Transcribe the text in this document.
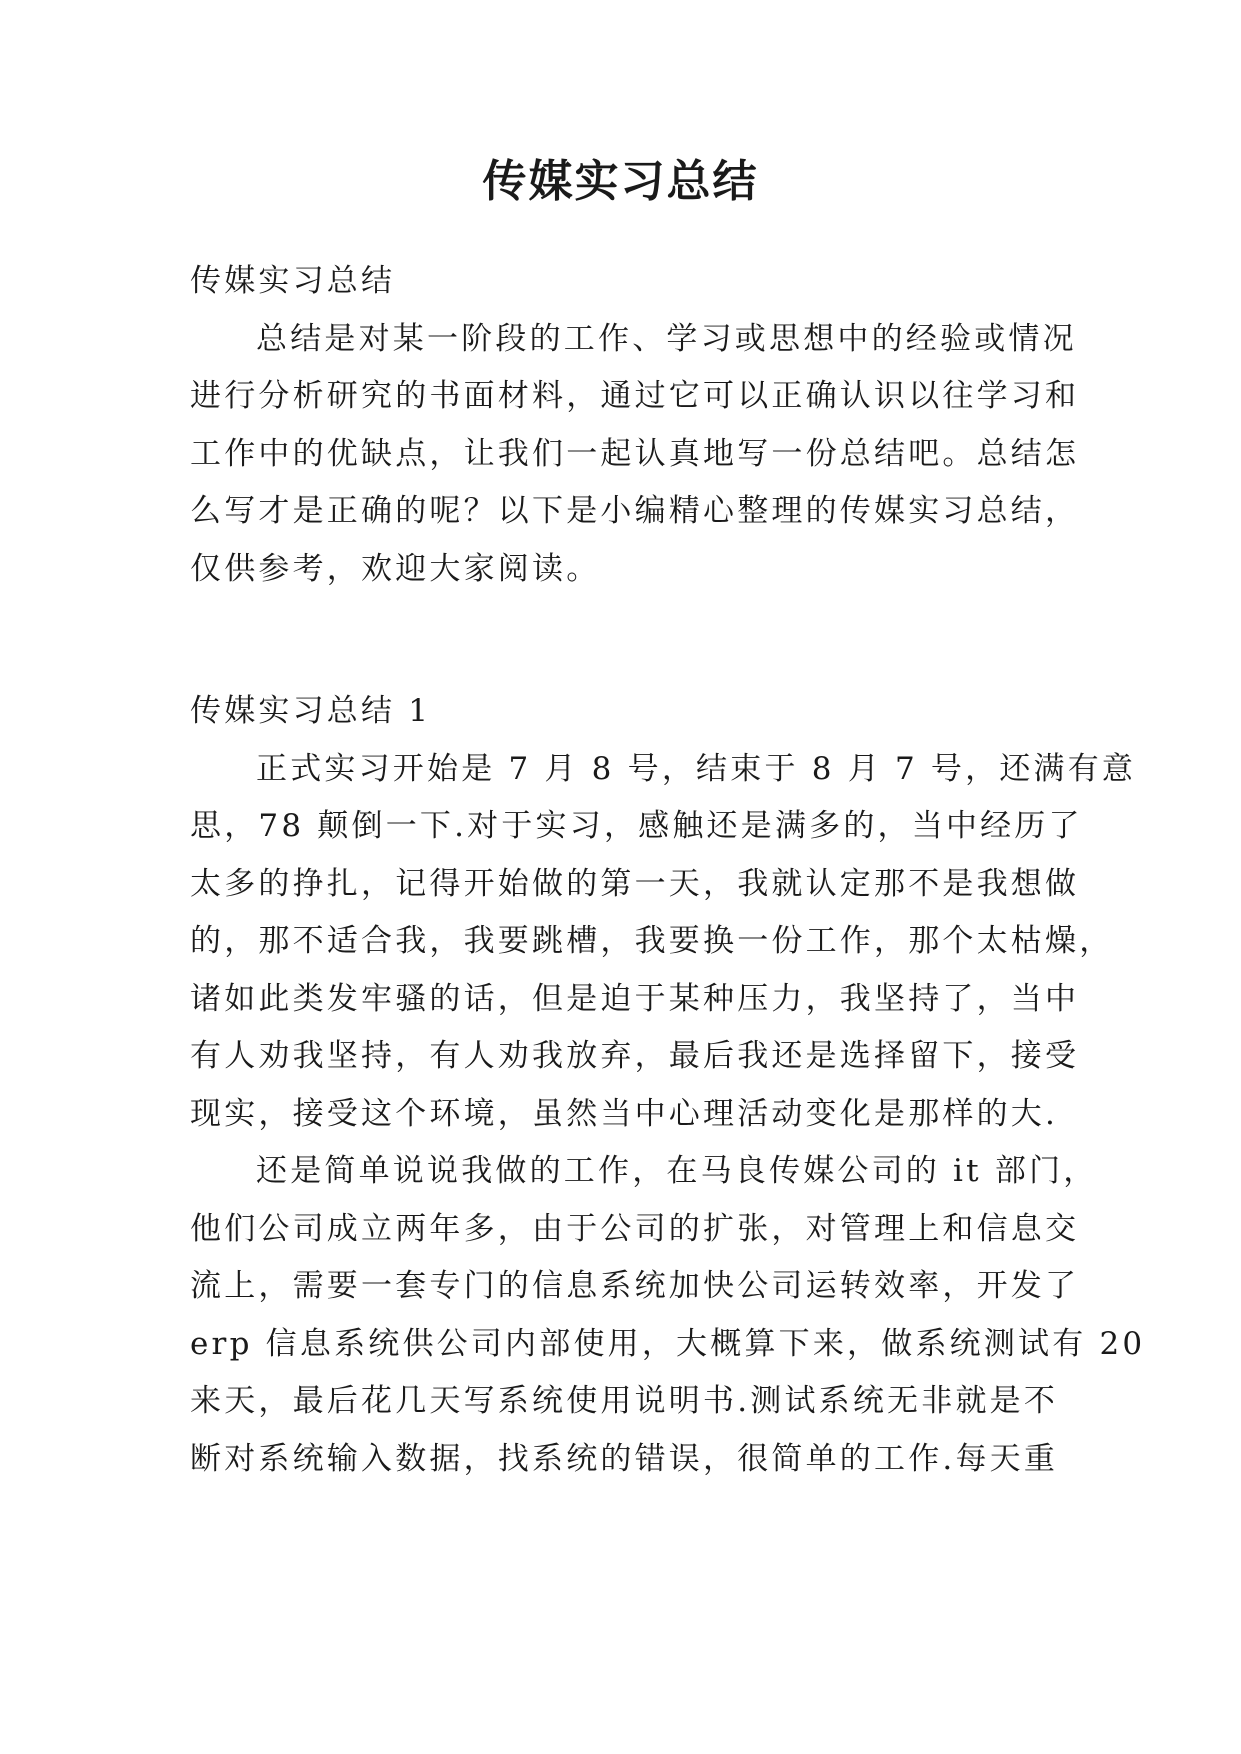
传媒实习总结
传媒实习总结
总结是对某一阶段的工作、学习或思想中的经验或情况
进行分析研究的书面材料，通过它可以正确认识以往学习和
工作中的优缺点，让我们一起认真地写一份总结吧。总结怎
么写才是正确的呢？以下是小编精心整理的传媒实习总结，
仅供参考，欢迎大家阅读。
传媒实习总结 1
正式实习开始是 7 月 8 号，结束于 8 月 7 号，还满有意
思，78 颠倒一下.对于实习，感触还是满多的，当中经历了
太多的挣扎，记得开始做的第一天，我就认定那不是我想做
的，那不适合我，我要跳槽，我要换一份工作，那个太枯燥，
诸如此类发牢骚的话，但是迫于某种压力，我坚持了，当中
有人劝我坚持，有人劝我放弃，最后我还是选择留下，接受
现实，接受这个环境，虽然当中心理活动变化是那样的大.
还是简单说说我做的工作，在马良传媒公司的 it 部门，
他们公司成立两年多，由于公司的扩张，对管理上和信息交
流上，需要一套专门的信息系统加快公司运转效率，开发了
erp 信息系统供公司内部使用，大概算下来，做系统测试有 20
来天，最后花几天写系统使用说明书.测试系统无非就是不
断对系统输入数据，找系统的错误，很简单的工作.每天重
